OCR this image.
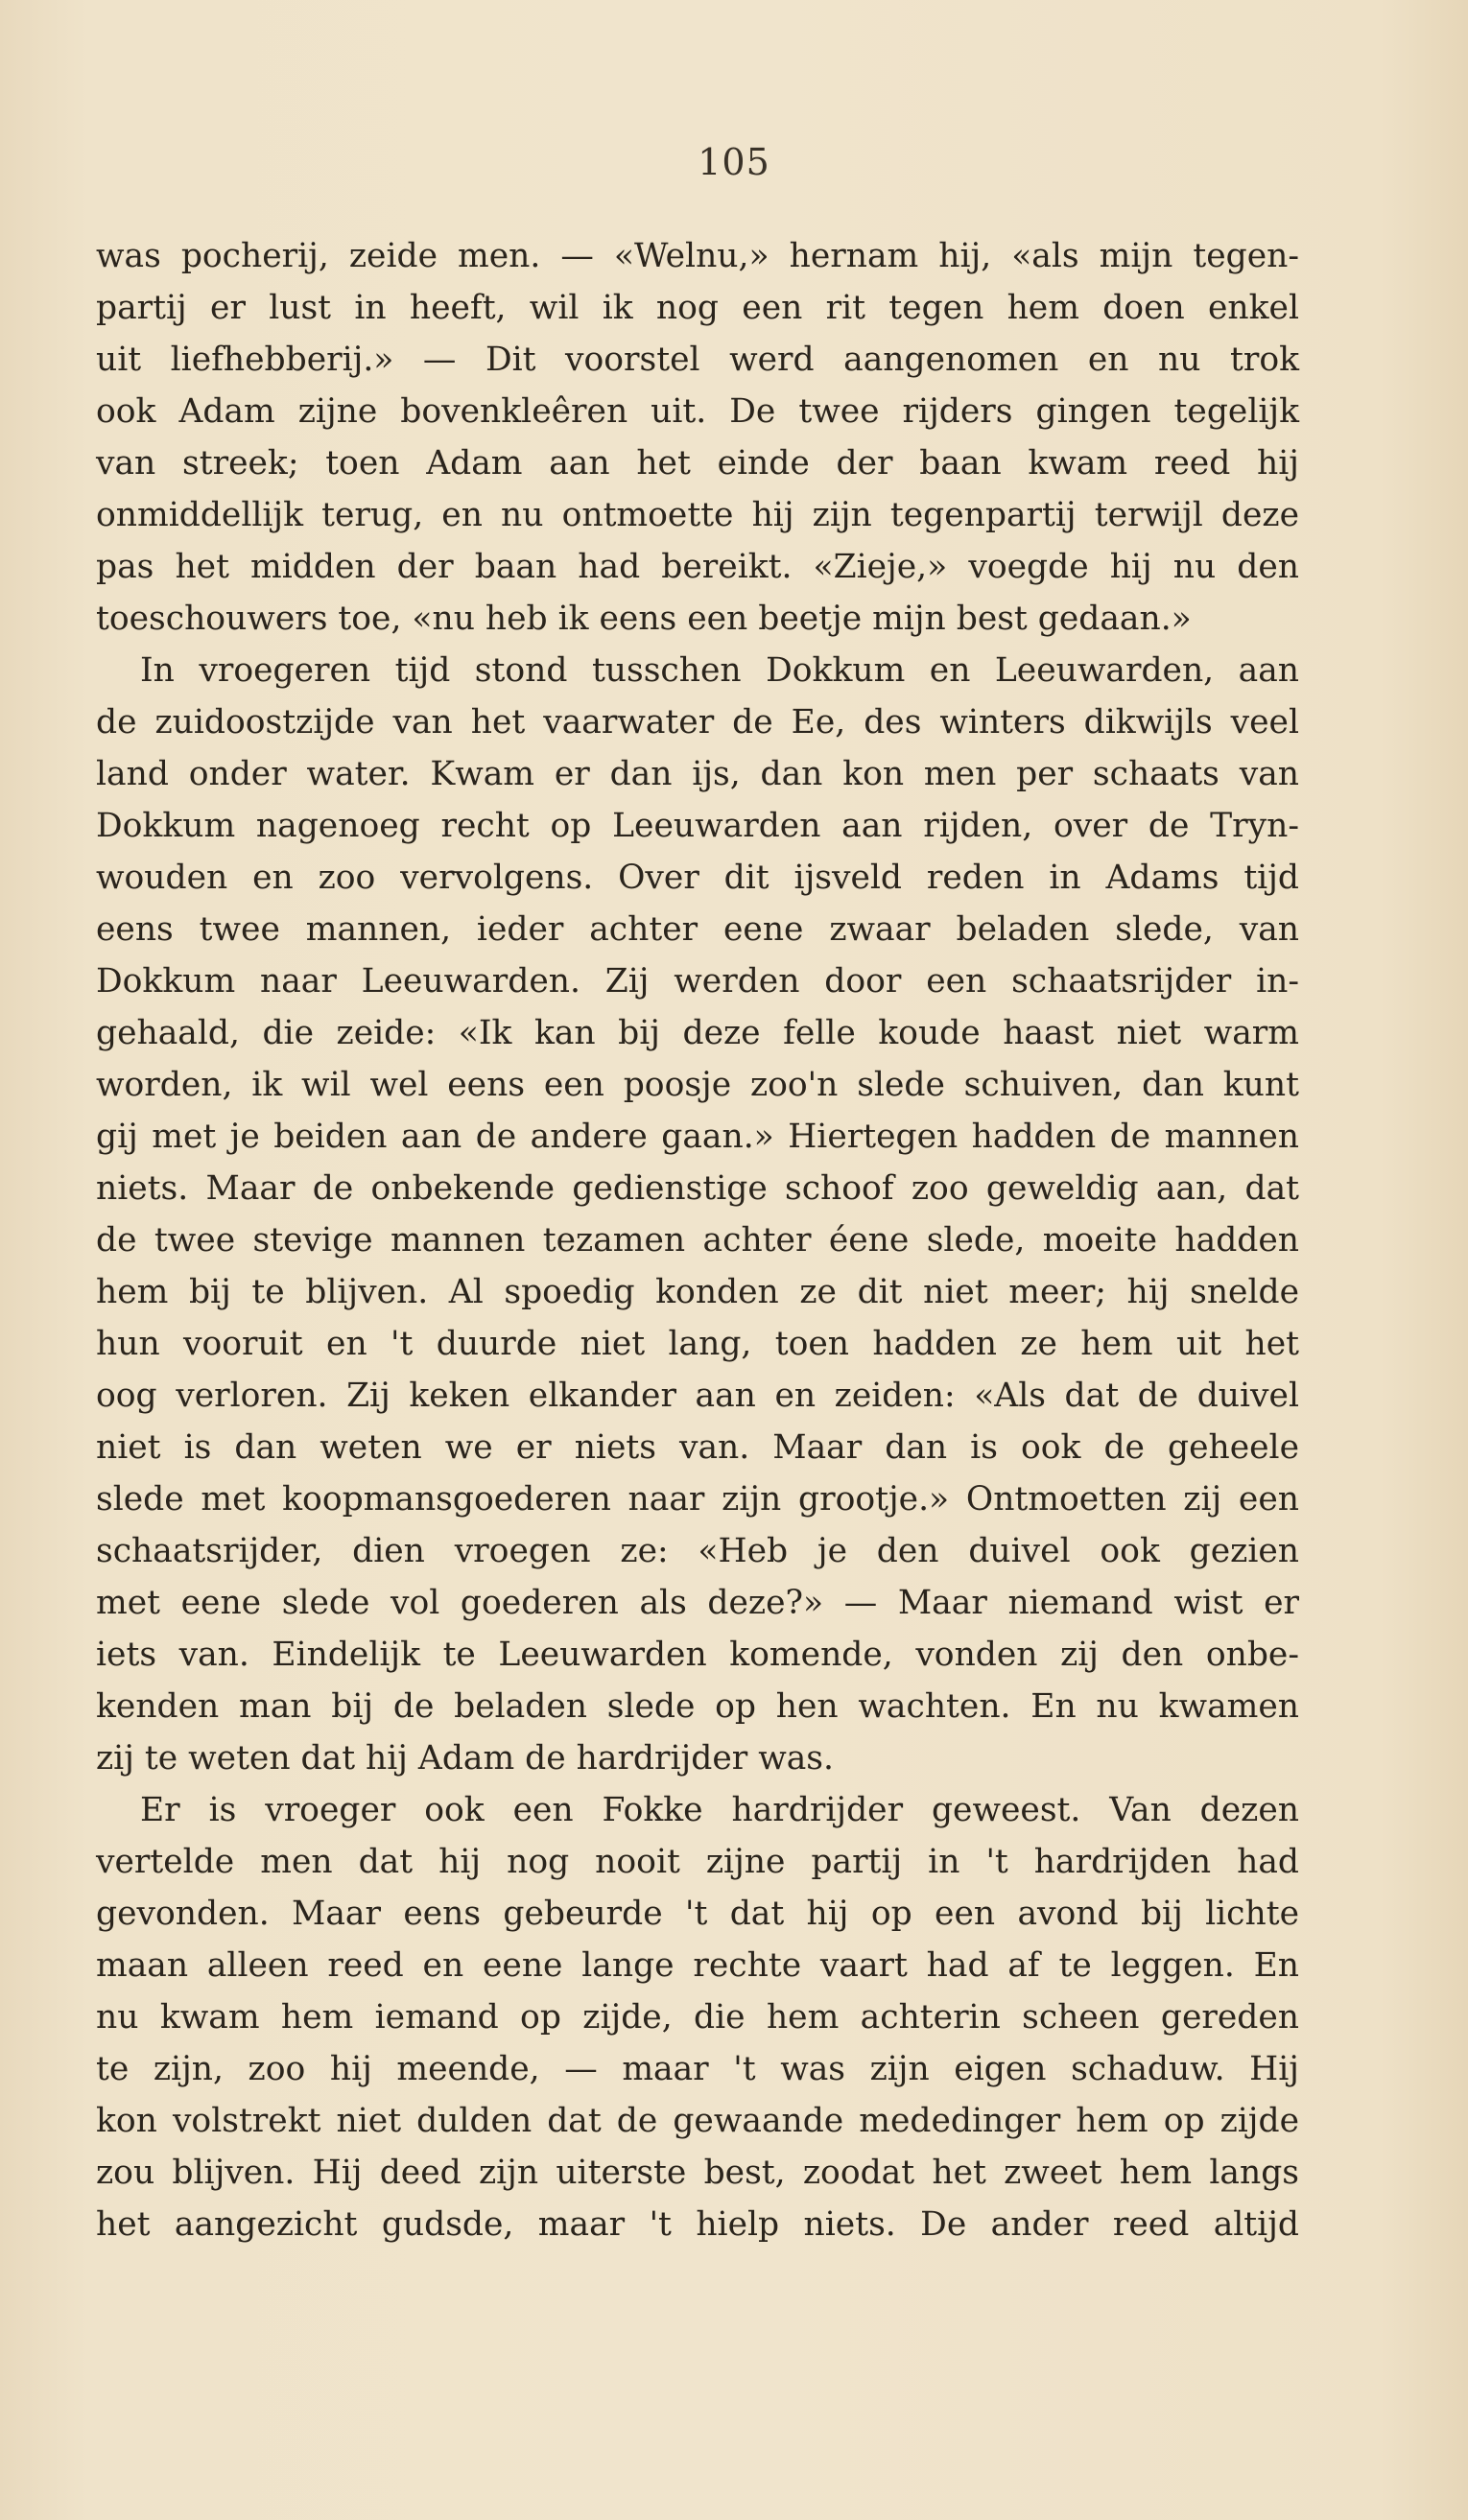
105
was pocherij, zeide men. — «Welnu,» hernam hij, «als mijn tegen-
partij er lust in heeft, wil ik nog een rit tegen hem doen enkel
uit liefhebberij.» — Dit voorstel werd aangenomen en nu trok
ook Adam zijne bovenkleêren uit. De twee rijders gingen tegelijk
van streek; toen Adam aan het einde der baan kwam reed hij
onmiddellijk terug, en nu ontmoette hij zijn tegenpartij terwijl deze
pas het midden der baan had bereikt. «Zieje,» voegde hij nu den
toeschouwers toe, «nu heb ik eens een beetje mijn best gedaan.»
In vroegeren tijd stond tusschen Dokkum en Leeuwarden, aan
de zuidoostzijde van het vaarwater de Ee, des winters dikwijls veel
land onder water. Kwam er dan ijs, dan kon men per schaats van
Dokkum nagenoeg recht op Leeuwarden aan rijden, over de Tryn-
wouden en zoo vervolgens. Over dit ijsveld reden in Adams tijd
eens twee mannen, ieder achter eene zwaar beladen slede, van
Dokkum naar Leeuwarden. Zij werden door een schaatsrijder in-
gehaald, die zeide: «Ik kan bij deze felle koude haast niet warm
worden, ik wil wel eens een poosje zoo'n slede schuiven, dan kunt
gij met je beiden aan de andere gaan.» Hiertegen hadden de mannen
niets. Maar de onbekende gedienstige schoof zoo geweldig aan, dat
de twee stevige mannen tezamen achter éene slede, moeite hadden
hem bij te blijven. Al spoedig konden ze dit niet meer; hij snelde
hun vooruit en 't duurde niet lang, toen hadden ze hem uit het
oog verloren. Zij keken elkander aan en zeiden: «Als dat de duivel
niet is dan weten we er niets van. Maar dan is ook de geheele
slede met koopmansgoederen naar zijn grootje.» Ontmoetten zij een
schaatsrijder, dien vroegen ze: «Heb je den duivel ook gezien
met eene slede vol goederen als deze?» — Maar niemand wist er
iets van. Eindelijk te Leeuwarden komende, vonden zij den onbe-
kenden man bij de beladen slede op hen wachten. En nu kwamen
zij te weten dat hij Adam de hardrijder was.
Er is vroeger ook een Fokke hardrijder geweest. Van dezen
vertelde men dat hij nog nooit zijne partij in 't hardrijden had
gevonden. Maar eens gebeurde 't dat hij op een avond bij lichte
maan alleen reed en eene lange rechte vaart had af te leggen. En
nu kwam hem iemand op zijde, die hem achterin scheen gereden
te zijn, zoo hij meende, — maar 't was zijn eigen schaduw. Hij
kon volstrekt niet dulden dat de gewaande mededinger hem op zijde
zou blijven. Hij deed zijn uiterste best, zoodat het zweet hem langs
het aangezicht gudsde, maar 't hielp niets. De ander reed altijd
